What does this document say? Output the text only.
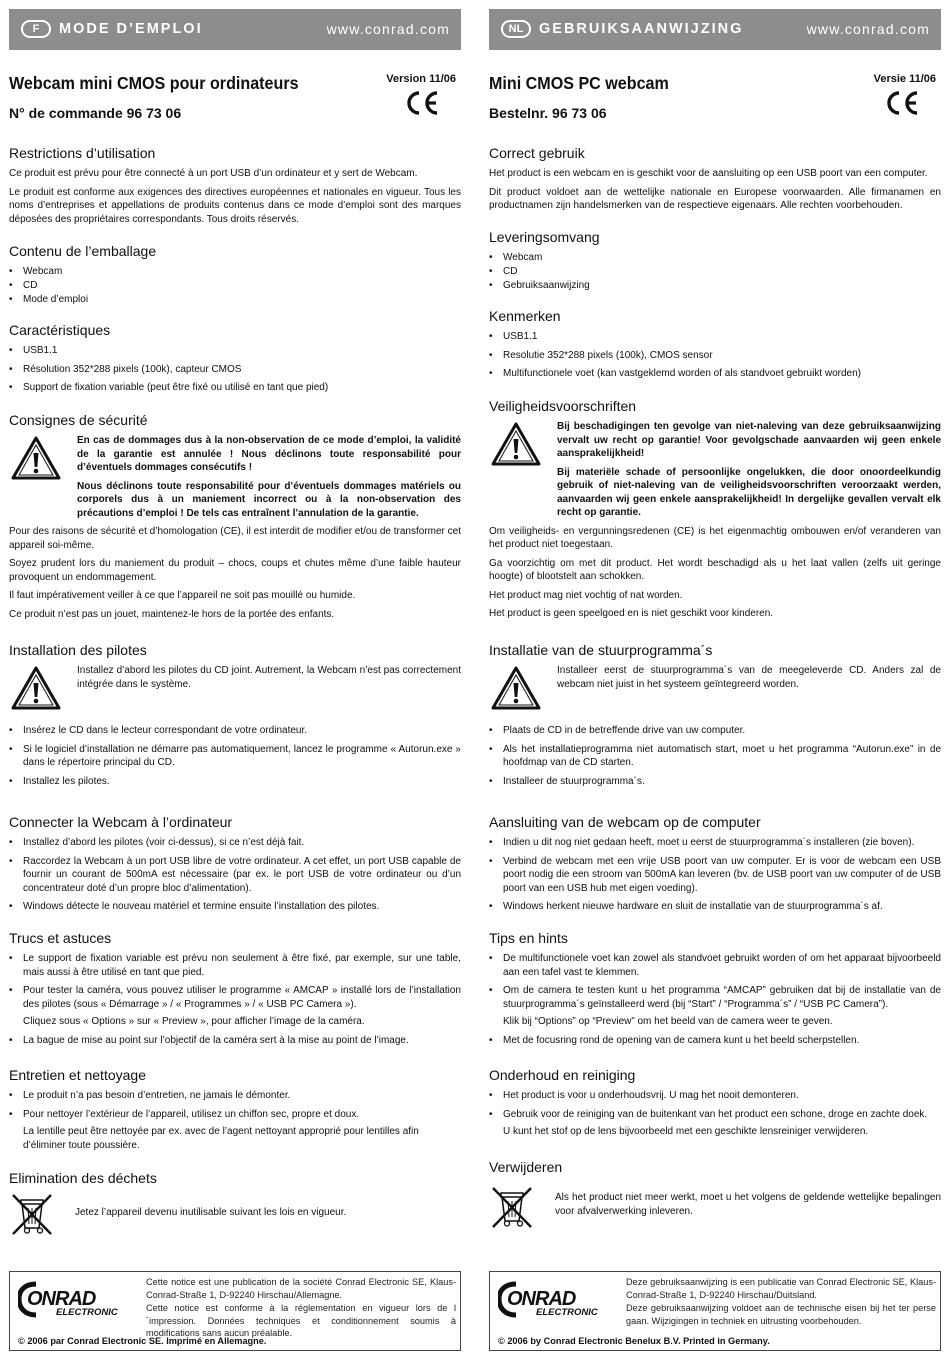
F	MODE D’EMPLOI	www.conrad.com
Webcam mini CMOS pour ordinateurs
N° de commande 96 73 06
Version 11/06
Restrictions d’utilisation

Ce produit est prévu pour être connecté à un port USB d’un ordinateur et y sert de Webcam.

Le produit est conforme aux exigences des directives européennes et nationales en vigueur. Tous les noms d’entreprises et appellations de produits contenus dans ce mode d’emploi sont des marques déposées des propriétaires correspondants. Tous droits réservés.

Contenu de l’emballage
• Webcam
• CD
• Mode d’emploi
Caractéristiques
• USB1.1
• Résolution 352*288 pixels (100k), capteur CMOS
• Support de fixation variable (peut être fixé ou utilisé en tant que pied)
Consignes de sécurité

En cas de dommages dus à la non-observation de ce mode d’emploi, la validité de la garantie est annulée ! Nous déclinons toute responsabilité pour d’éventuels dommages consécutifs !

Nous déclinons toute responsabilité pour d’éventuels dommages matériels ou corporels dus à un maniement incorrect ou à la non-observation des précautions d’emploi ! De tels cas entraînent l’annulation de la garantie.

Pour des raisons de sécurité et d’homologation (CE), il est interdit de modifier et/ou de transformer cet appareil soi-même.

Soyez prudent lors du maniement du produit – chocs, coups et chutes même d’une faible hauteur provoquent un endommagement.

Il faut impérativement veiller à ce que l’appareil ne soit pas mouillé ou humide.

Ce produit n’est pas un jouet, maintenez-le hors de la portée des enfants.

Installation des pilotes

Installez d’abord les pilotes du CD joint. Autrement, la Webcam n’est pas correctement intégrée dans le système.

• Insérez le CD dans le lecteur correspondant de votre ordinateur.
• Si le logiciel d’installation ne démarre pas automatiquement, lancez le programme « Autorun.exe » dans le répertoire principal du CD.
• Installez les pilotes.
Connecter la Webcam à l’ordinateur
• Installez d’abord les pilotes (voir ci-dessus), si ce n’est déjà fait.
• Raccordez la Webcam à un port USB libre de votre ordinateur. A cet effet, un port USB capable de fournir un courant de 500mA est nécessaire (par ex. le port USB de votre ordinateur ou d’un concentrateur doté d’un propre bloc d’alimentation).
• Windows détecte le nouveau matériel et termine ensuite l’installation des pilotes.
Trucs et astuces
• Le support de fixation variable est prévu non seulement à être fixé, par exemple, sur une table, mais aussi à être utilisé en tant que pied.
• Pour tester la caméra, vous pouvez utiliser le programme « AMCAP » installé lors de l’installation des pilotes (sous « Démarrage » / « Programmes » / « USB PC Camera »).
Cliquez sous « Options » sur « Preview », pour afficher l’image de la caméra.
• La bague de mise au point sur l’objectif de la caméra sert à la mise au point de l’image.
Entretien et nettoyage
• Le produit n’a pas besoin d’entretien, ne jamais le démonter.
• Pour nettoyer l’extérieur de l’appareil, utilisez un chiffon sec, propre et doux.
La lentille peut être nettoyée par ex. avec de l’agent nettoyant approprié pour lentilles afin d’éliminer toute poussière.
Elimination des déchets

Jetez l’appareil devenu inutilisable suivant les lois en vigueur.

Cette notice est une publication de la société Conrad Electronic SE, Klaus-Conrad-Straße 1, D-92240 Hirschau/Allemagne.

Cette notice est conforme à la réglementation en vigueur lors de l´impression. Données techniques et conditionnement soumis à modifications sans aucun préalable.

© 2006 par Conrad Electronic SE. Imprimé en Allemagne.
NL	GEBRUIKSAANWIJZING	www.conrad.com
Mini CMOS PC webcam
Bestelnr. 96 73 06
Versie 11/06
Correct gebruik

Het product is een webcam en is geschikt voor de aansluiting op een USB poort van een computer.

Dit product voldoet aan de wettelijke nationale en Europese voorwaarden. Alle firmanamen en productnamen zijn handelsmerken van de respectieve eigenaars. Alle rechten voorbehouden.

Leveringsomvang
• Webcam
• CD
• Gebruiksaanwijzing
Kenmerken
• USB1.1
• Resolutie 352*288 pixels (100k), CMOS sensor
• Multifunctionele voet (kan vastgeklemd worden of als standvoet gebruikt worden)
Veiligheidsvoorschriften

Bij beschadigingen ten gevolge van niet-naleving van deze gebruiksaanwijzing vervalt uw recht op garantie! Voor gevolgschade aanvaarden wij geen enkele aansprakelijkheid!

Bij materiële schade of persoonlijke ongelukken, die door onoordeelkundig gebruik of niet-naleving van de veiligheidsvoorschriften veroorzaakt werden, aanvaarden wij geen enkele aansprakelijkheid! In dergelijke gevallen vervalt elk recht op garantie.

Om veiligheids- en vergunningsredenen (CE) is het eigenmachtig ombouwen en/of veranderen van het product niet toegestaan.

Ga voorzichtig om met dit product. Het wordt beschadigd als u het laat vallen (zelfs uit geringe hoogte) of blootstelt aan schokken.

Het product mag niet vochtig of nat worden.

Het product is geen speelgoed en is niet geschikt voor kinderen.

Installatie van de stuurprogramma´s

Installeer eerst de stuurprogramma´s van de meegeleverde CD. Anders zal de webcam niet juist in het systeem geïntegreerd worden.

• Plaats de CD in de betreffende drive van uw computer.
• Als het installatieprogramma niet automatisch start, moet u het programma “Autorun.exe” in de hoofdmap van de CD starten.
• Installeer de stuurprogramma´s.
Aansluiting van de webcam op de computer
• Indien u dit nog niet gedaan heeft, moet u eerst de stuurprogramma´s installeren (zie boven).
• Verbind de webcam met een vrije USB poort van uw computer. Er is voor de webcam een USB poort nodig die een stroom van 500mA kan leveren (bv. de USB poort van uw computer of de USB poort van een USB hub met eigen voeding).
• Windows herkent nieuwe hardware en sluit de installatie van de stuurprogramma´s af.
Tips en hints
• De multifunctionele voet kan zowel als standvoet gebruikt worden of om het apparaat bijvoorbeeld aan een tafel vast te klemmen.
• Om de camera te testen kunt u het programma “AMCAP” gebruiken dat bij de installatie van de stuurprogramma´s geïnstalleerd werd (bij “Start” / “Programma´s” / “USB PC Camera”).
Klik bij “Options” op “Preview” om het beeld van de camera weer te geven.
• Met de focusring rond de opening van de camera kunt u het beeld scherpstellen.
Onderhoud en reiniging
• Het product is voor u onderhoudsvrij. U mag het nooit demonteren.
• Gebruik voor de reiniging van de buitenkant van het product een schone, droge en zachte doek.
U kunt het stof op de lens bijvoorbeeld met een geschikte lensreiniger verwijderen.
Verwijderen

Als het product niet meer werkt, moet u het volgens de geldende wettelijke bepalingen voor afvalverwerking inleveren.

Deze gebruiksaanwijzing is een publicatie van Conrad Electronic SE, Klaus-Conrad-Straße 1, D-92240 Hirschau/Duitsland.

Deze gebruiksaanwijzing voldoet aan de technische eisen bij het ter perse gaan. Wijzigingen in techniek en uitrusting voorbehouden.

© 2006 by Conrad Electronic Benelux B.V. Printed in Germany.
